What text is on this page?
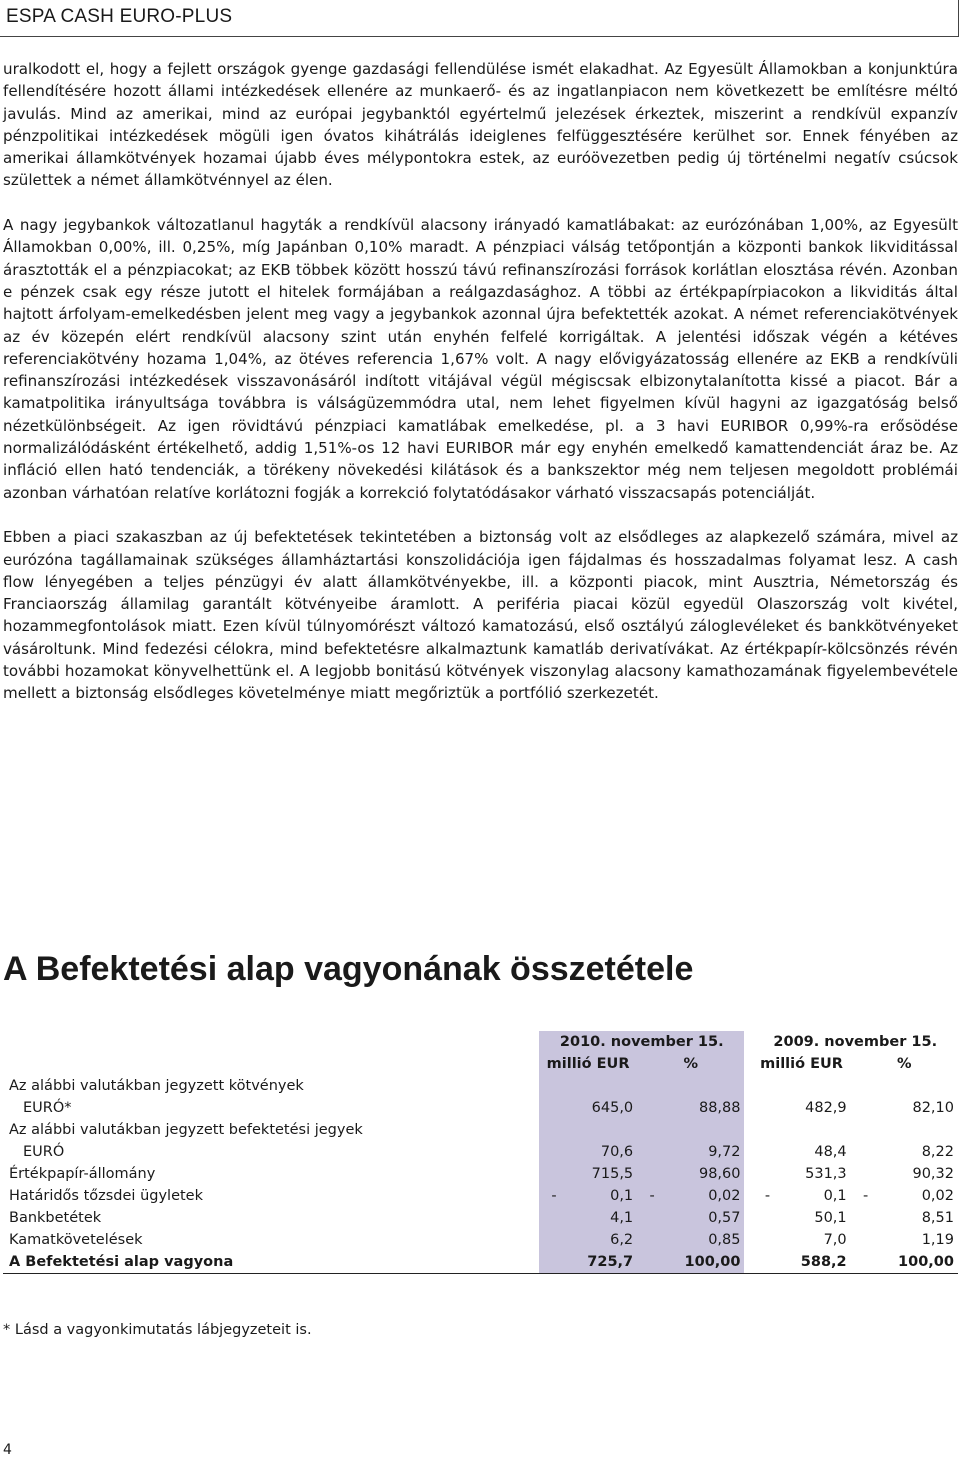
ESPA CASH EURO-PLUS

uralkodott el, hogy a fejlett országok gyenge gazdasági fellendülése ismét elakadhat. Az Egyesült Államokban a konjunktúra fellendítésére hozott állami intézkedések ellenére az munkaerő- és az ingatlanpiacon nem következett be említésre méltó javulás. Mind az amerikai, mind az európai jegybanktól egyértelmű jelezések érkeztek, miszerint a rendkívül expanzív pénzpolitikai intézkedések mögüli igen óvatos kihátrálás ideiglenes felfüggesztésére kerülhet sor. Ennek fényében az amerikai államkötvények hozamai újabb éves mélypontokra estek, az euróövezetben pedig új történelmi negatív csúcsok születtek a német államkötvénnyel az élen.

A nagy jegybankok változatlanul hagyták a rendkívül alacsony irányadó kamatlábakat: az eurózónában 1,00%, az Egyesült Államokban 0,00%, ill. 0,25%, míg Japánban 0,10% maradt. A pénzpiaci válság tetőpontján a központi bankok likviditással árasztották el a pénzpiacokat; az EKB többek között hosszú távú refinanszírozási források korlátlan elosztása révén. Azonban e pénzek csak egy része jutott el hitelek formájában a reálgazdasághoz. A többi az értékpapírpiacokon a likviditás által hajtott árfolyam-emelkedésben jelent meg vagy a jegybankok azonnal újra befektették azokat. A német referenciakötvények az év közepén elért rendkívül alacsony szint után enyhén felfelé korrigáltak. A jelentési időszak végén a kétéves referenciakötvény hozama 1,04%, az ötéves referencia 1,67% volt. A nagy elővigyázatosság ellenére az EKB a rendkívüli refinanszírozási intézkedések visszavonásáról indított vitájával végül mégiscsak elbizonytalanította kissé a piacot. Bár a kamatpolitika irányultsága továbbra is válságüzemmódra utal, nem lehet figyelmen kívül hagyni az igazgatóság belső nézetkülönbségeit. Az igen rövidtávú pénzpiaci kamatlábak emelkedése, pl. a 3 havi EURIBOR 0,99%-ra erősödése normalizálódásként értékelhető, addig 1,51%-os 12 havi EURIBOR már egy enyhén emelkedő kamattendenciát áraz be. Az infláció ellen ható tendenciák, a törékeny növekedési kilátások és a bankszektor még nem teljesen megoldott problémái azonban várhatóan relatíve korlátozni fogják a korrekció folytatódásakor várható visszacsapás potenciálját.

Ebben a piaci szakaszban az új befektetések tekintetében a biztonság volt az elsődleges az alapkezelő számára, mivel az eurózóna tagállamainak szükséges államháztartási konszolidációja igen fájdalmas és hosszadalmas folyamat lesz. A cash flow lényegében a teljes pénzügyi év alatt államkötvényekbe, ill. a központi piacok, mint Ausztria, Németország és Franciaország államilag garantált kötvényeibe áramlott. A periféria piacai közül egyedül Olaszország volt kivétel, hozammegfontolások miatt. Ezen kívül túlnyomórészt változó kamatozású, első osztályú záloglevéleket és bankkötvényeket vásároltunk. Mind fedezési célokra, mind befektetésre alkalmaztunk kamatláb derivatívákat. Az értékpapír-kölcsönzés révén további hozamokat könyvelhettünk el. A legjobb bonitású kötvények viszonylag alacsony kamathozamának figyelembevétele mellett a biztonság elsődleges követelménye miatt megőriztük a portfólió szerkezetét.

A Befektetési alap vagyonának összetétele
	2010. november 15.					2009. november 15.			
	millió EUR		%			millió EUR		%	
Az alábbi valutákban jegyzett kötvények									
EURÓ*		645,0		88,88			482,9		82,10
Az alábbi valutákban jegyzett befektetési jegyek									
EURÓ		70,6		9,72			48,4		8,22
Értékpapír-állomány		715,5		98,60			531,3		90,32
Határidős tőzsdei ügyletek	-	0,1	-	0,02		-	0,1	-	0,02
Bankbetétek		4,1		0,57			50,1		8,51
Kamatkövetelések		6,2		0,85			7,0		1,19
A Befektetési alap vagyona		725,7		100,00			588,2		100,00
* Lásd a vagyonkimutatás lábjegyzeteit is.
4
